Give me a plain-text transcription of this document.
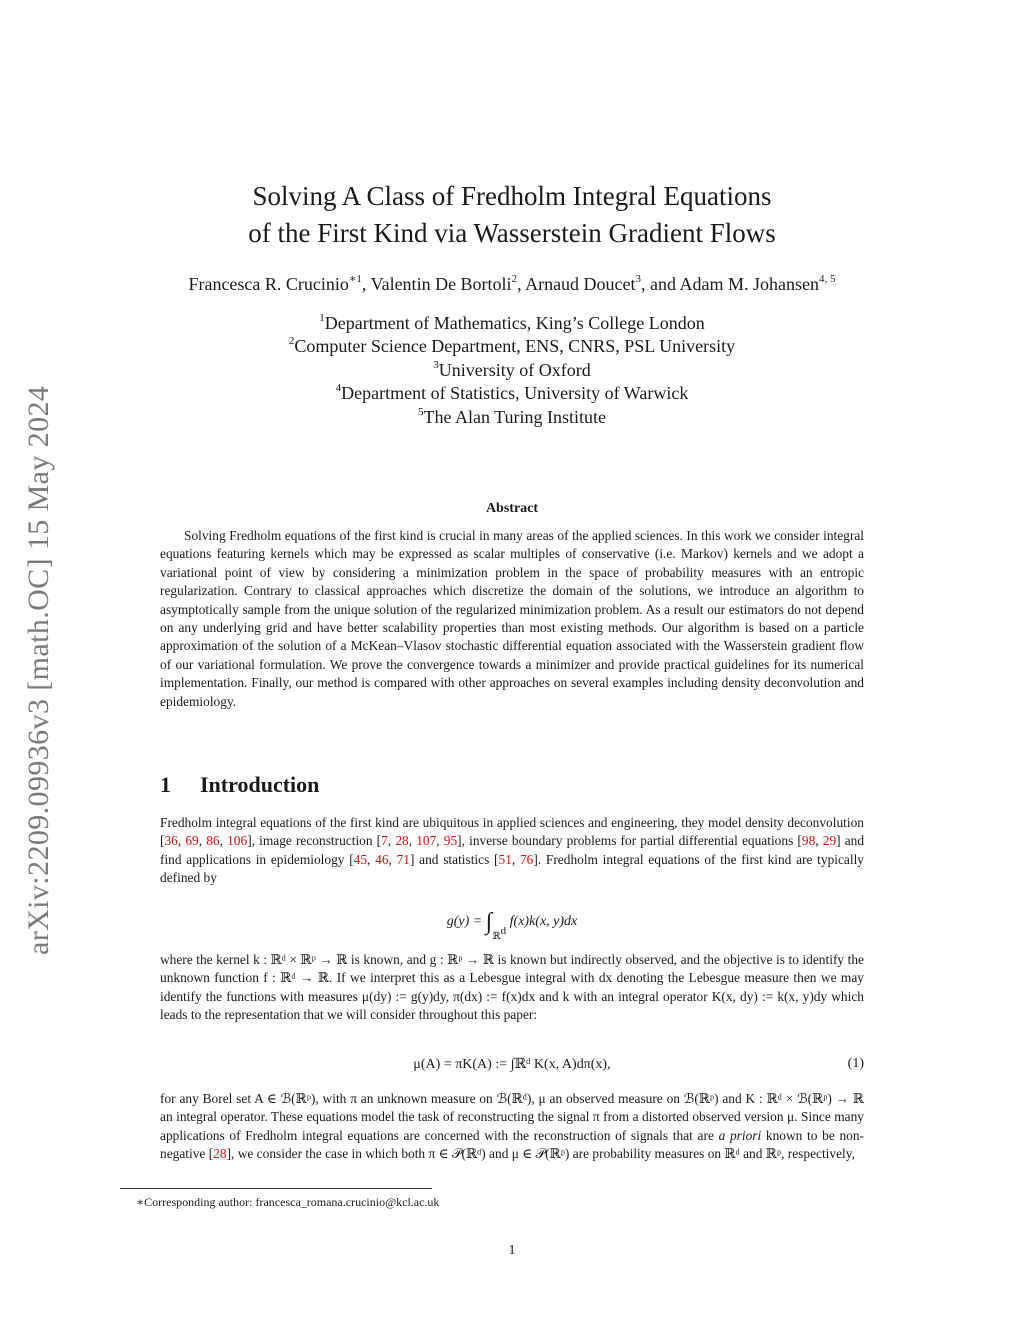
arXiv:2209.09936v3 [math.OC] 15 May 2024
Solving A Class of Fredholm Integral Equations
of the First Kind via Wasserstein Gradient Flows
Francesca R. Crucinio$^{∗1}$, Valentin De Bortoli$^2$, Arnaud Doucet$^3$, and Adam M. Johansen$^{4, 5}$
$^1$Department of Mathematics, King’s College London
$^2$Computer Science Department, ENS, CNRS, PSL University
$^3$University of Oxford
$^4$Department of Statistics, University of Warwick
$^5$The Alan Turing Institute
Abstract
Solving Fredholm equations of the first kind is crucial in many areas of the applied sciences. In this work we consider integral equations featuring kernels which may be expressed as scalar multiples of conservative (i.e. Markov) kernels and we adopt a variational point of view by considering a minimization problem in the space of probability measures with an entropic regularization. Contrary to classical approaches which discretize the domain of the solutions, we introduce an algorithm to asymptotically sample from the unique solution of the regularized minimization problem. As a result our estimators do not depend on any underlying grid and have better scalability properties than most existing methods. Our algorithm is based on a particle approximation of the solution of a McKean–Vlasov stochastic differential equation associated with the Wasserstein gradient flow of our variational formulation. We prove the convergence towards a minimizer and provide practical guidelines for its numerical implementation. Finally, our method is compared with other approaches on several examples including density deconvolution and epidemiology.
1 Introduction
Fredholm integral equations of the first kind are ubiquitous in applied sciences and engineering, they model density deconvolution [36, 69, 86, 106], image reconstruction [7, 28, 107, 95], inverse boundary problems for partial differential equations [98, 29] and find applications in epidemiology [45, 46, 71] and statistics [51, 76]. Fredholm integral equations of the first kind are typically defined by
$g(y) = \int_{ℝ^d}$ f(x)k(x, y)dx
where the kernel k : ℝᵈ × ℝᵖ → ℝ is known, and g : ℝᵖ → ℝ is known but indirectly observed, and the objective is to identify the unknown function f : ℝᵈ → ℝ. If we interpret this as a Lebesgue integral with dx denoting the Lebesgue measure then we may identify the functions with measures μ(dy) := g(y)dy, π(dx) := f(x)dx and k with an integral operator K(x, dy) := k(x, y)dy which leads to the representation that we will consider throughout this paper:
μ(A) = πK(A) := ∫ℝᵈ K(x, A)dπ(x),	(1)
for any Borel set A ∈ ℬ(ℝᵖ), with π an unknown measure on ℬ(ℝᵈ), μ an observed measure on ℬ(ℝᵖ) and K : ℝᵈ × ℬ(ℝᵖ) → ℝ an integral operator. These equations model the task of reconstructing the signal π from a distorted observed version μ. Since many applications of Fredholm integral equations are concerned with the reconstruction of signals that are a priori known to be non-negative [28], we consider the case in which both π ∈ 𝒫(ℝᵈ) and μ ∈ 𝒫(ℝᵖ) are probability measures on ℝᵈ and ℝᵖ, respectively,
∗Corresponding author: francesca_romana.crucinio@kcl.ac.uk
1
